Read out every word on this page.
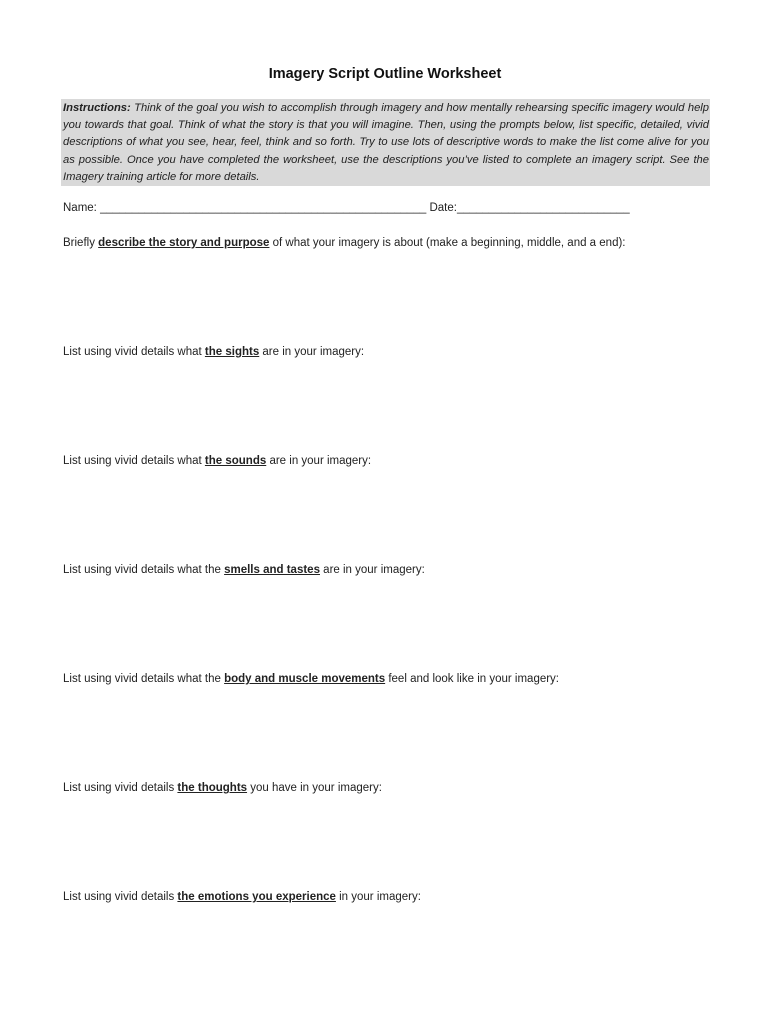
Imagery Script Outline Worksheet
Instructions: Think of the goal you wish to accomplish through imagery and how mentally rehearsing specific imagery would help you towards that goal. Think of what the story is that you will imagine. Then, using the prompts below, list specific, detailed, vivid descriptions of what you see, hear, feel, think and so forth. Try to use lots of descriptive words to make the list come alive for you as possible. Once you have completed the worksheet, use the descriptions you’ve listed to complete an imagery script. See the Imagery training article for more details.
Name: ___________________________________________________ Date:___________________________
Briefly describe the story and purpose of what your imagery is about (make a beginning, middle, and a end):
List using vivid details what the sights are in your imagery:
List using vivid details what the sounds are in your imagery:
List using vivid details what the smells and tastes are in your imagery:
List using vivid details what the body and muscle movements feel and look like in your imagery:
List using vivid details the thoughts you have in your imagery:
List using vivid details the emotions you experience in your imagery:
